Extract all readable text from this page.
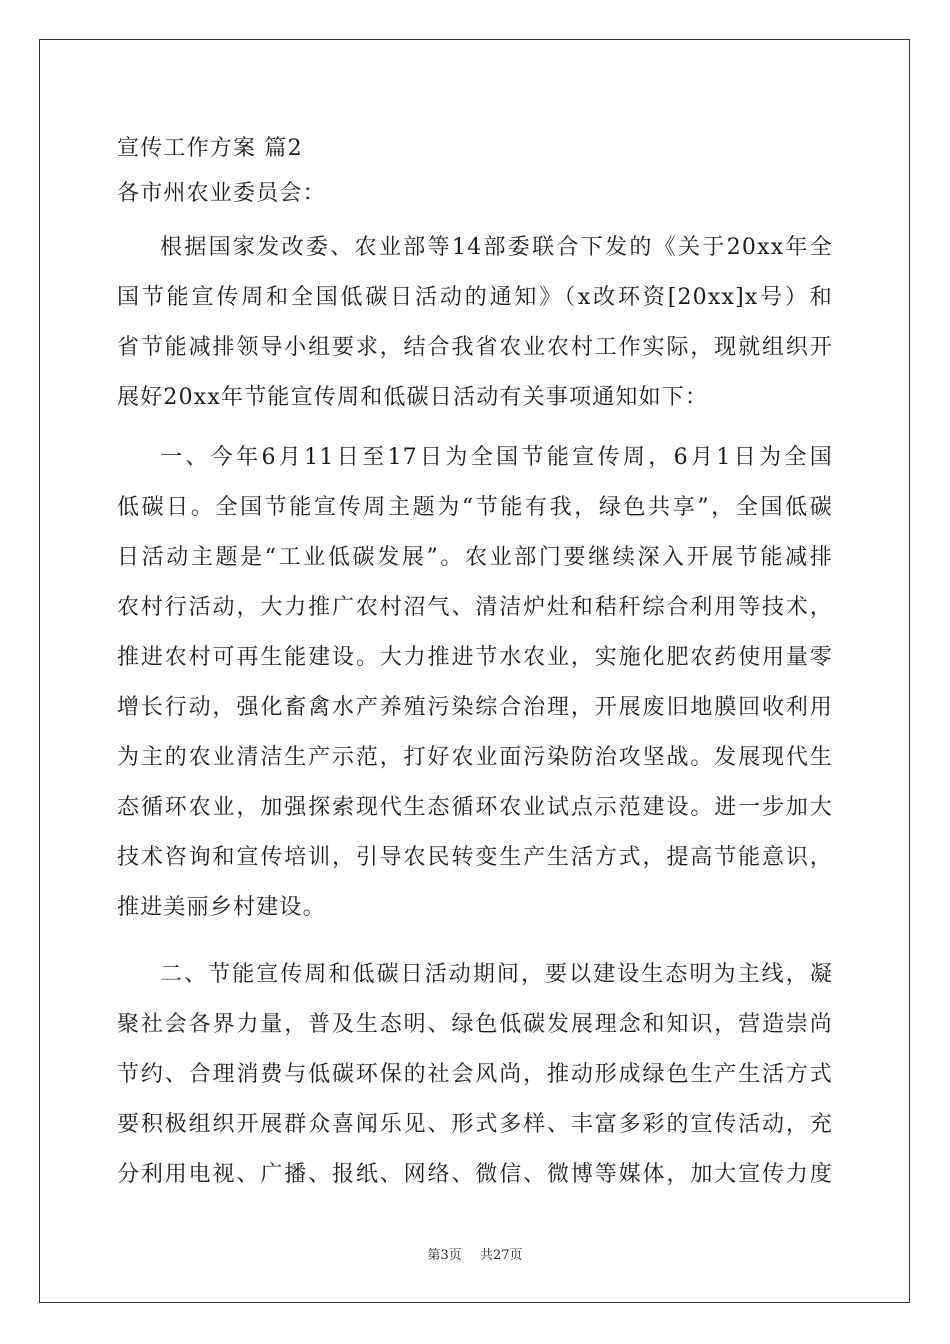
宣传工作方案 篇2
各市州农业委员会：
根据国家发改委、农业部等14部委联合下发的《关于20xx年全
国节能宣传周和全国低碳日活动的通知》（x改环资[20xx]x号）和
省节能减排领导小组要求，结合我省农业农村工作实际，现就组织开
展好20xx年节能宣传周和低碳日活动有关事项通知如下：
一、今年6月11日至17日为全国节能宣传周，6月1日为全国
低碳日。全国节能宣传周主题为“节能有我，绿色共享”，全国低碳
日活动主题是“工业低碳发展”。农业部门要继续深入开展节能减排
农村行活动，大力推广农村沼气、清洁炉灶和秸秆综合利用等技术，
推进农村可再生能建设。大力推进节水农业，实施化肥农药使用量零
增长行动，强化畜禽水产养殖污染综合治理，开展废旧地膜回收利用
为主的农业清洁生产示范，打好农业面污染防治攻坚战。发展现代生
态循环农业，加强探索现代生态循环农业试点示范建设。进一步加大
技术咨询和宣传培训，引导农民转变生产生活方式，提高节能意识，
推进美丽乡村建设。
二、节能宣传周和低碳日活动期间，要以建设生态明为主线，凝
聚社会各界力量，普及生态明、绿色低碳发展理念和知识，营造崇尚
节约、合理消费与低碳环保的社会风尚，推动形成绿色生产生活方式
要积极组织开展群众喜闻乐见、形式多样、丰富多彩的宣传活动，充
分利用电视、广播、报纸、网络、微信、微博等媒体，加大宣传力度
第3页 共27页
